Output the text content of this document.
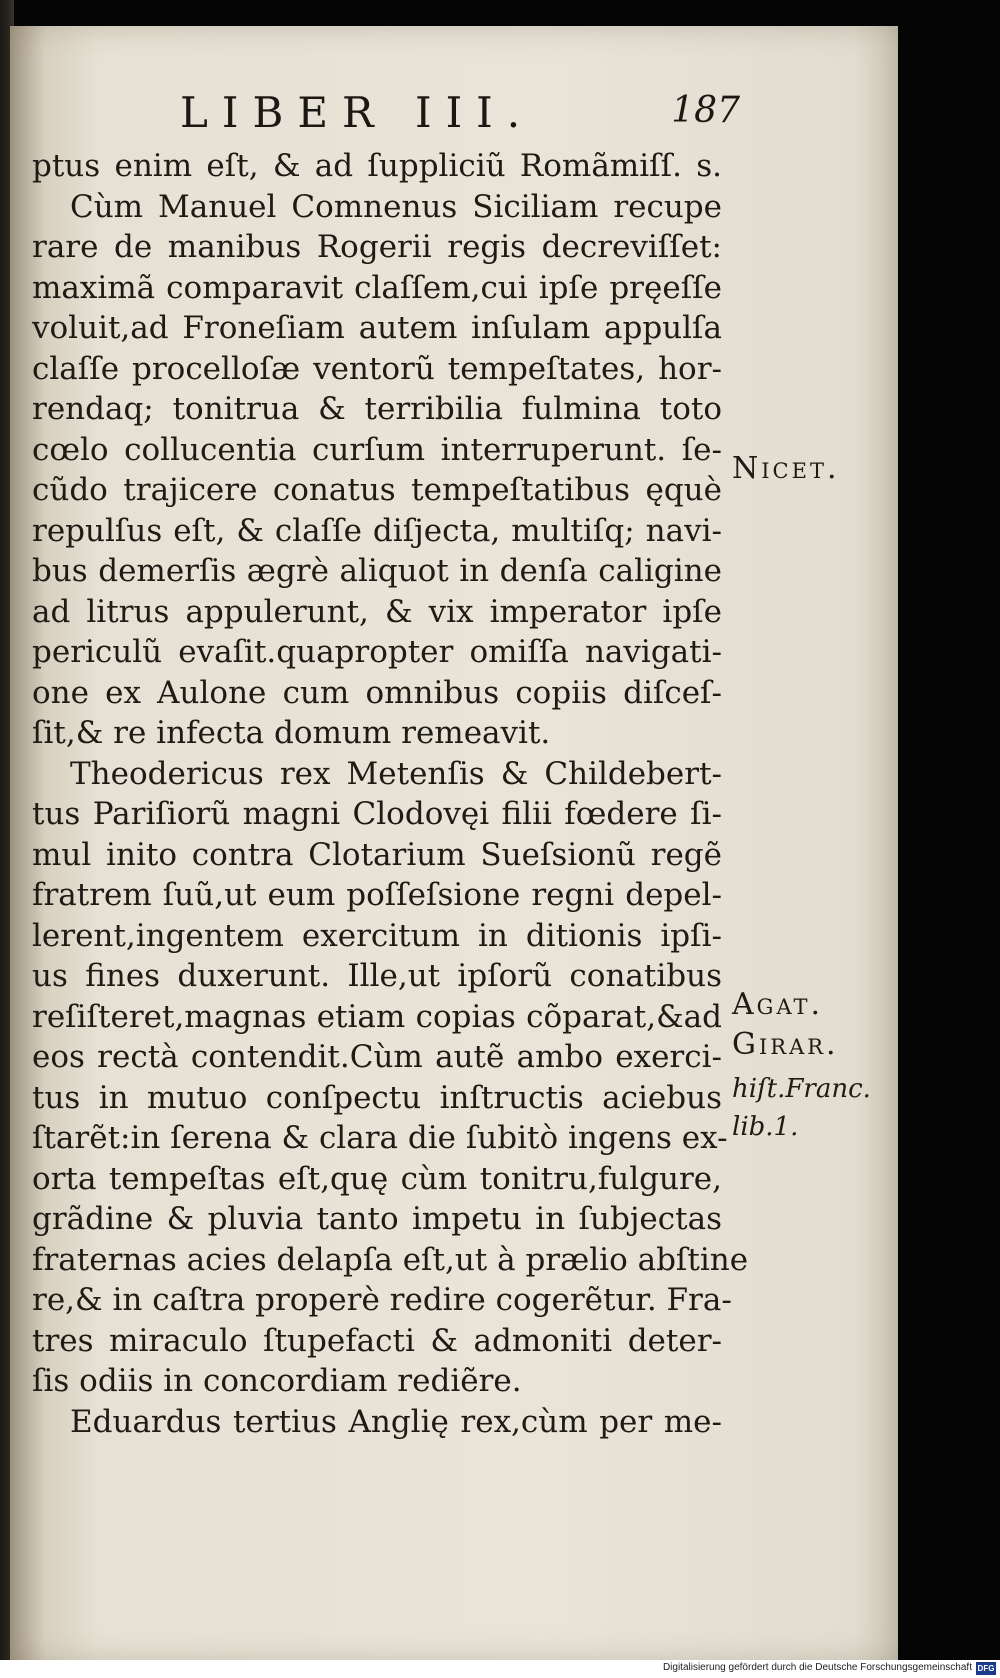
LIBER III.	187
ptus enim eſt, & ad ſuppliciũ Romãmiſſ. s.
Cùm Manuel Comnenus Siciliam recupe
rare de manibus Rogerii regis decreviſſet:
maximã comparavit claſſem,cui ipſe pręeſſe
voluit,ad Froneſiam autem inſulam appulſa
claſſe procelloſæ ventorũ tempeſtates, hor-
rendaq; tonitrua & terribilia fulmina toto
cœlo collucentia curſum interruperunt. ſe-
cũdo trajicere conatus tempeſtatibus ęquè
repulſus eſt, & claſſe diſjecta, multiſq; navi-
bus demerſis ægrè aliquot in denſa caligine
ad litrus appulerunt, & vix imperator ipſe
periculũ evaſit.quapropter omiſſa navigati-
one ex Aulone cum omnibus copiis diſceſ-
ſit,& re infecta domum remeavit.
Theodericus rex Metenſis & Childebert-
tus Pariſiorũ magni Clodovęi filii fœdere ſi-
mul inito contra Clotarium Sueſsionũ regẽ
fratrem ſuũ,ut eum poſſeſsione regni depel-
lerent,ingentem exercitum in ditionis ipſi-
us fines duxerunt. Ille,ut ipſorũ conatibus
reſiſteret,magnas etiam copias cõparat,&ad
eos rectà contendit.Cùm autẽ ambo exerci-
tus in mutuo conſpectu inſtructis aciebus
ſtarẽt:in ſerena & clara die ſubitò ingens ex-
orta tempeſtas eſt,quę cùm tonitru,fulgure,
grãdine & pluvia tanto impetu in ſubjectas
fraternas acies delapſa eſt,ut à prælio abſtine
re,& in caſtra properè redire cogerẽtur. Fra-
tres miraculo ſtupefacti & admoniti deter-
ſis odiis in concordiam rediẽre.
Eduardus tertius Anglię rex,cùm per me-
Nicet.
Agat.
Girar.
hiſt.Franc.
lib.1.
Digitalisierung gefördert durch die Deutsche Forschungsgemeinschaft DFG
